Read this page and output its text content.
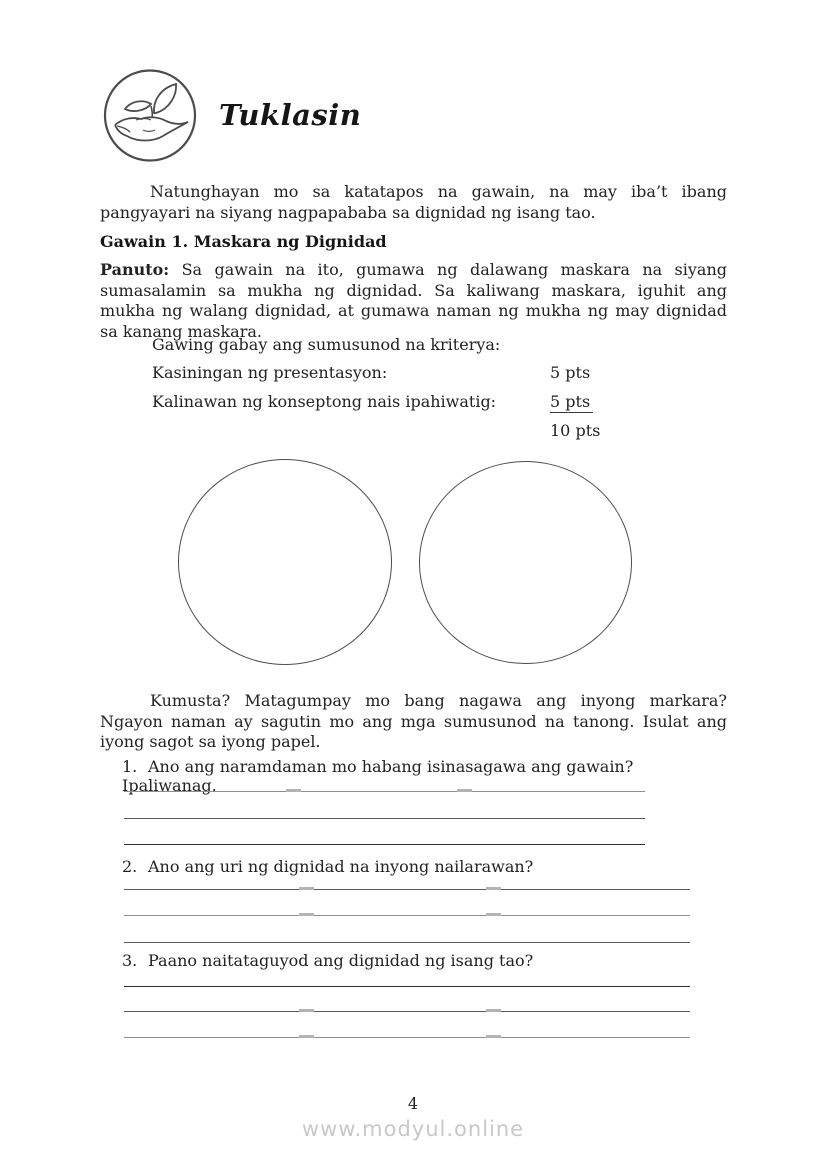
Tuklasin

Natunghayan mo sa katatapos na gawain, na may iba’t ibang pangyayari na siyang nagpapababa sa dignidad ng isang tao.

Gawain 1. Maskara ng Dignidad

Panuto: Sa gawain na ito, gumawa ng dalawang maskara na siyang sumasalamin sa mukha ng dignidad. Sa kaliwang maskara, iguhit ang mukha ng walang dignidad, at gumawa naman ng mukha ng may dignidad sa kanang maskara.

Gawing gabay ang sumusunod na kriterya:

Kasiningan ng presentasyon:	5 pts
Kalinawan ng konseptong nais ipahiwatig:	5 pts
10 pts

Kumusta? Matagumpay mo bang nagawa ang inyong markara? Ngayon naman ay sagutin mo ang mga sumusunod na tanong. Isulat ang iyong sagot sa iyong papel.

1. Ano ang naramdaman mo habang isinasagawa ang gawain? Ipaliwanag.

2. Ano ang uri ng dignidad na inyong nailarawan?

3. Paano naitataguyod ang dignidad ng isang tao?

4

www.modyul.online
